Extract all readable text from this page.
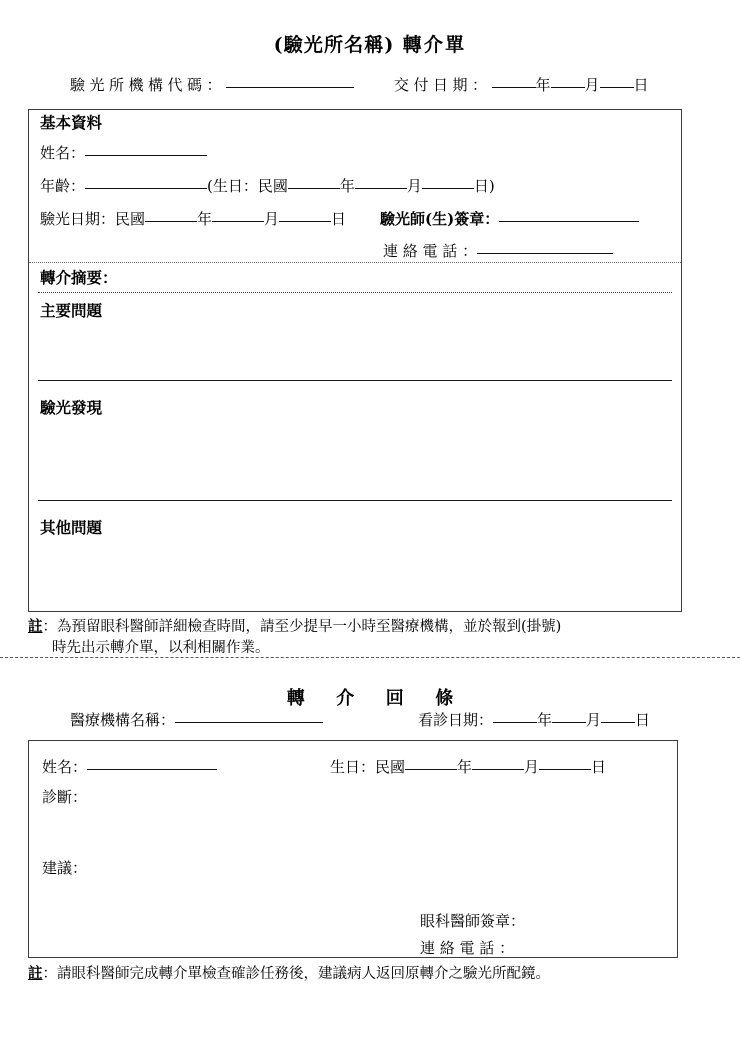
(驗光所名稱) 轉介單
驗光所機構代碼：	交付日期：	年 月 日
基本資料
姓名：
年齡：	(生日：民國	年	月	日)
驗光日期：民國	年	月	日 驗光師(生)簽章：
連 絡 電 話 ：
轉介摘要：
主要問題
驗光發現
其他問題
註：為預留眼科醫師詳細檢查時間，請至少提早一小時至醫療機構，並於報到(掛號)
時先出示轉介單，以利相關作業。
轉 介 回 條
醫療機構名稱：	看診日期：	年 月 日
姓名：	生日：民國	年	月	日
診斷：
建議：
眼科醫師簽章：
連 絡 電 話 ：
註：請眼科醫師完成轉介單檢查確診任務後，建議病人返回原轉介之驗光所配鏡。
